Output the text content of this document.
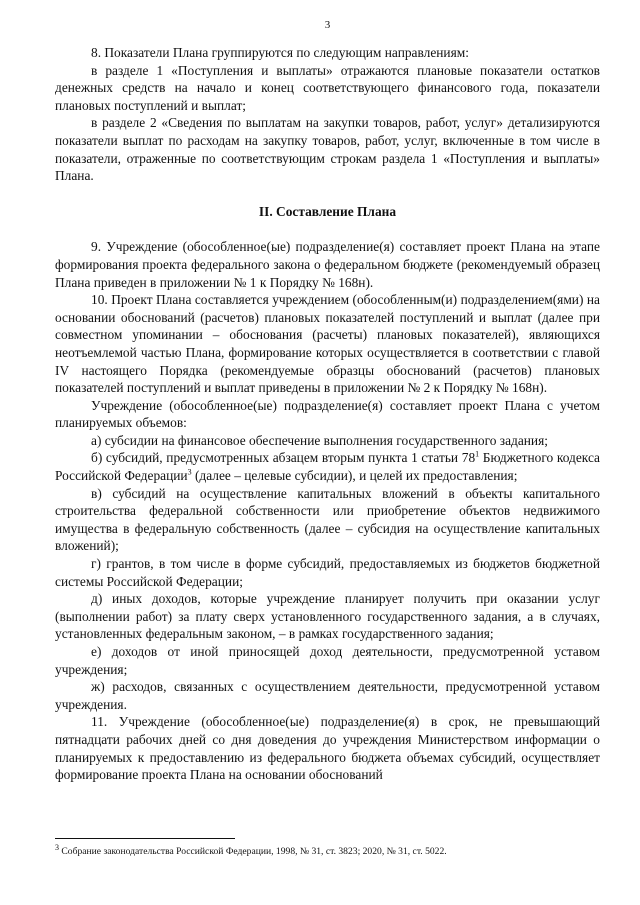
3

8. Показатели Плана группируются по следующим направлениям:

в разделе 1 «Поступления и выплаты» отражаются плановые показатели остатков денежных средств на начало и конец соответствующего финансового года, показатели плановых поступлений и выплат;

в разделе 2 «Сведения по выплатам на закупки товаров, работ, услуг» детализируются показатели выплат по расходам на закупку товаров, работ, услуг, включенные в том числе в показатели, отраженные по соответствующим строкам раздела 1 «Поступления и выплаты» Плана.

II. Составление Плана

9. Учреждение (обособленное(ые) подразделение(я) составляет проект Плана на этапе формирования проекта федерального закона о федеральном бюджете (рекомендуемый образец Плана приведен в приложении № 1 к Порядку № 168н).

10. Проект Плана составляется учреждением (обособленным(и) подразделением(ями) на основании обоснований (расчетов) плановых показателей поступлений и выплат (далее при совместном упоминании – обоснования (расчеты) плановых показателей), являющихся неотъемлемой частью Плана, формирование которых осуществляется в соответствии с главой IV настоящего Порядка (рекомендуемые образцы обоснований (расчетов) плановых показателей поступлений и выплат приведены в приложении № 2 к Порядку № 168н).

Учреждение (обособленное(ые) подразделение(я) составляет проект Плана с учетом планируемых объемов:

а) субсидии на финансовое обеспечение выполнения государственного задания;

б) субсидий, предусмотренных абзацем вторым пункта 1 статьи $78^1$ Бюджетного кодекса Российской Федерации$^3$ (далее – целевые субсидии), и целей их предоставления;

в) субсидий на осуществление капитальных вложений в объекты капитального строительства федеральной собственности или приобретение объектов недвижимого имущества в федеральную собственность (далее – субсидия на осуществление капитальных вложений);

г) грантов, в том числе в форме субсидий, предоставляемых из бюджетов бюджетной системы Российской Федерации;

д) иных доходов, которые учреждение планирует получить при оказании услуг (выполнении работ) за плату сверх установленного государственного задания, а в случаях, установленных федеральным законом, – в рамках государственного задания;

е) доходов от иной приносящей доход деятельности, предусмотренной уставом учреждения;

ж) расходов, связанных с осуществлением деятельности, предусмотренной уставом учреждения.

11. Учреждение (обособленное(ые) подразделение(я) в срок, не превышающий пятнадцати рабочих дней со дня доведения до учреждения Министерством информации о планируемых к предоставлению из федерального бюджета объемах субсидий, осуществляет формирование проекта Плана на основании обоснований

$^3$ Собрание законодательства Российской Федерации, 1998, № 31, ст. 3823; 2020, № 31, ст. 5022.
